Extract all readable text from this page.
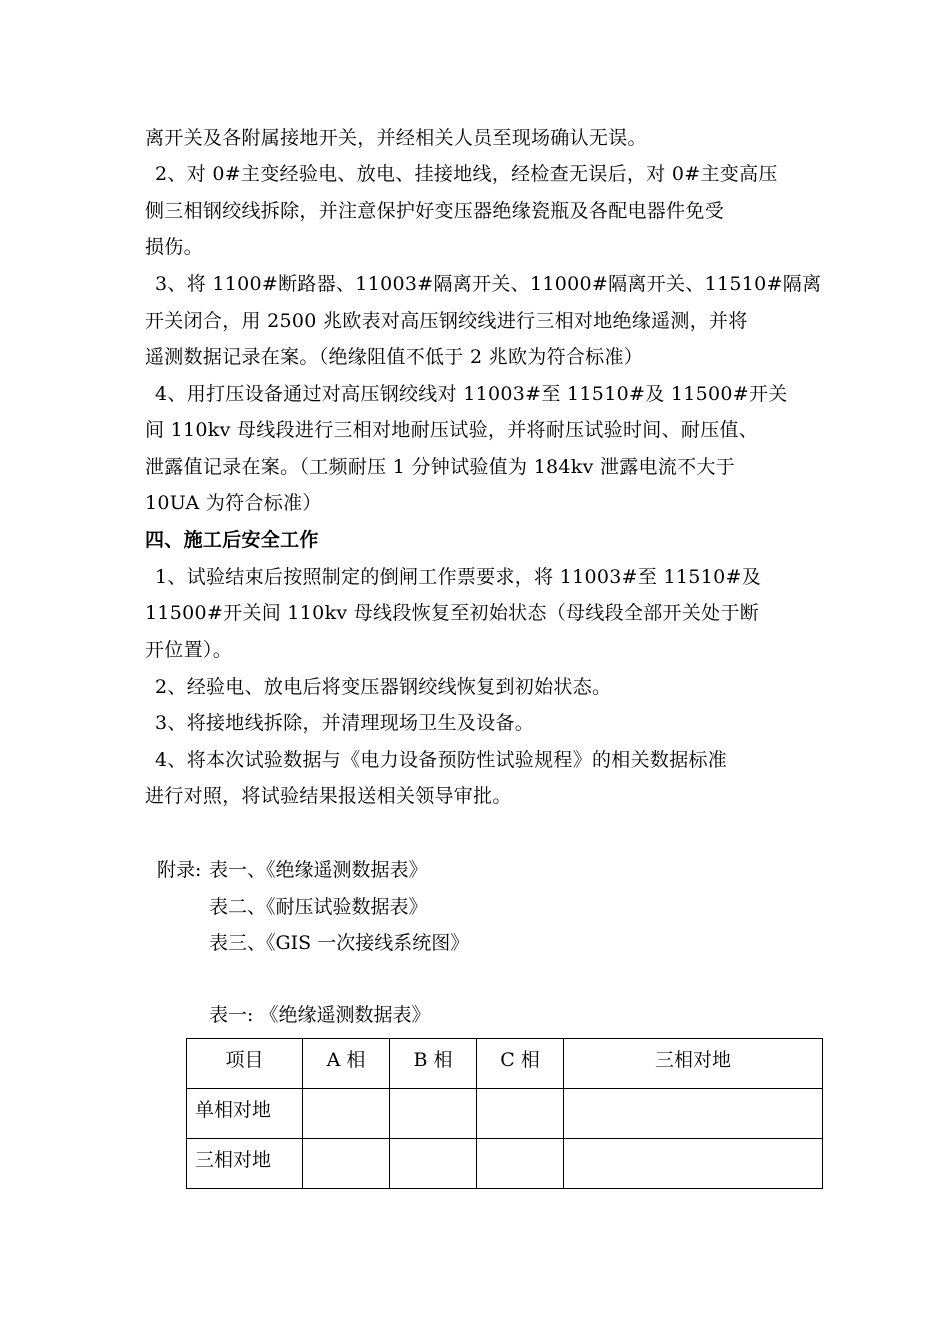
离开关及各附属接地开关，并经相关人员至现场确认无误。
2、对 0#主变经验电、放电、挂接地线，经检查无误后，对 0#主变高压
侧三相钢绞线拆除，并注意保护好变压器绝缘瓷瓶及各配电器件免受
损伤。
3、将 1100#断路器、11003#隔离开关、11000#隔离开关、11510#隔离
开关闭合，用 2500 兆欧表对高压钢绞线进行三相对地绝缘遥测，并将
遥测数据记录在案。（绝缘阻值不低于 2 兆欧为符合标准）
4、用打压设备通过对高压钢绞线对 11003#至 11510#及 11500#开关
间 110kv 母线段进行三相对地耐压试验，并将耐压试验时间、耐压值、
泄露值记录在案。（工频耐压 1 分钟试验值为 184kv 泄露电流不大于
10UA 为符合标准）
四、施工后安全工作
1、试验结束后按照制定的倒闸工作票要求，将 11003#至 11510#及
11500#开关间 110kv 母线段恢复至初始状态（母线段全部开关处于断
开位置）。
2、经验电、放电后将变压器钢绞线恢复到初始状态。
3、将接地线拆除，并清理现场卫生及设备。
4、将本次试验数据与《电力设备预防性试验规程》的相关数据标准
进行对照，将试验结果报送相关领导审批。
附录: 表一、《绝缘遥测数据表》
表二、《耐压试验数据表》
表三、《GIS 一次接线系统图》
表一: 《绝缘遥测数据表》
项目	A 相	B 相	C 相	三相对地
单相对地				
三相对地				
